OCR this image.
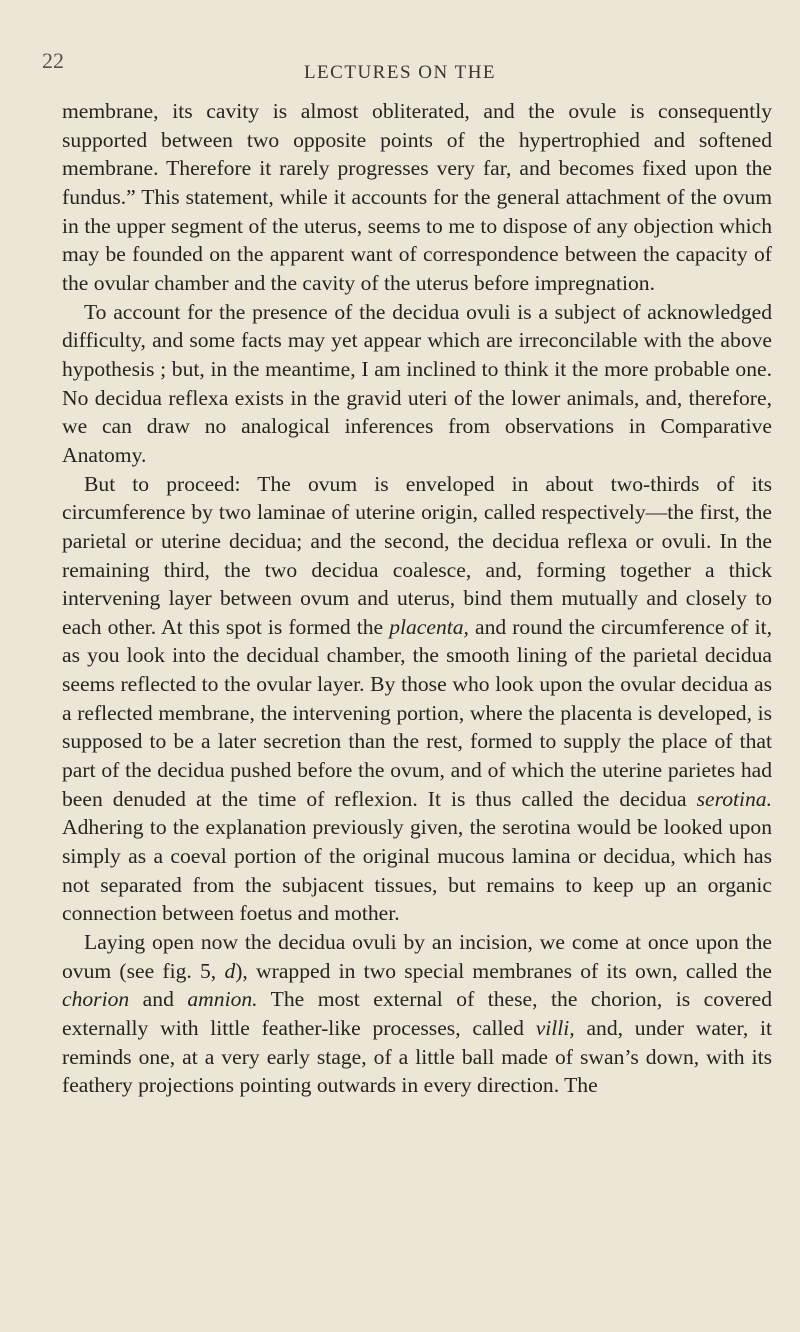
22	LECTURES ON THE

membrane, its cavity is almost obliterated, and the ovule is consequently supported between two opposite points of the hypertrophied and softened membrane. Therefore it rarely progresses very far, and becomes fixed upon the fundus.” This statement, while it accounts for the general attachment of the ovum in the upper segment of the uterus, seems to me to dispose of any objection which may be founded on the apparent want of correspondence between the capacity of the ovular chamber and the cavity of the uterus before impregnation.

To account for the presence of the decidua ovuli is a subject of acknowledged difficulty, and some facts may yet appear which are irreconcilable with the above hypothesis ; but, in the meantime, I am inclined to think it the more probable one. No decidua reflexa exists in the gravid uteri of the lower animals, and, therefore, we can draw no analogical inferences from observations in Comparative Anatomy.

But to proceed: The ovum is enveloped in about two-thirds of its circumference by two laminae of uterine origin, called respectively—the first, the parietal or uterine decidua; and the second, the decidua reflexa or ovuli. In the remaining third, the two decidua coalesce, and, forming together a thick intervening layer between ovum and uterus, bind them mutually and closely to each other. At this spot is formed the placenta, and round the circumference of it, as you look into the decidual chamber, the smooth lining of the parietal decidua seems reflected to the ovular layer. By those who look upon the ovular decidua as a reflected membrane, the intervening portion, where the placenta is developed, is supposed to be a later secretion than the rest, formed to supply the place of that part of the decidua pushed before the ovum, and of which the uterine parietes had been denuded at the time of reflexion. It is thus called the decidua serotina. Adhering to the explanation previously given, the serotina would be looked upon simply as a coeval portion of the original mucous lamina or decidua, which has not separated from the subjacent tissues, but remains to keep up an organic connection between foetus and mother.

Laying open now the decidua ovuli by an incision, we come at once upon the ovum (see fig. 5, d), wrapped in two special membranes of its own, called the chorion and amnion. The most external of these, the chorion, is covered externally with little feather-like processes, called villi, and, under water, it reminds one, at a very early stage, of a little ball made of swan’s down, with its feathery projections pointing outwards in every direction. The
